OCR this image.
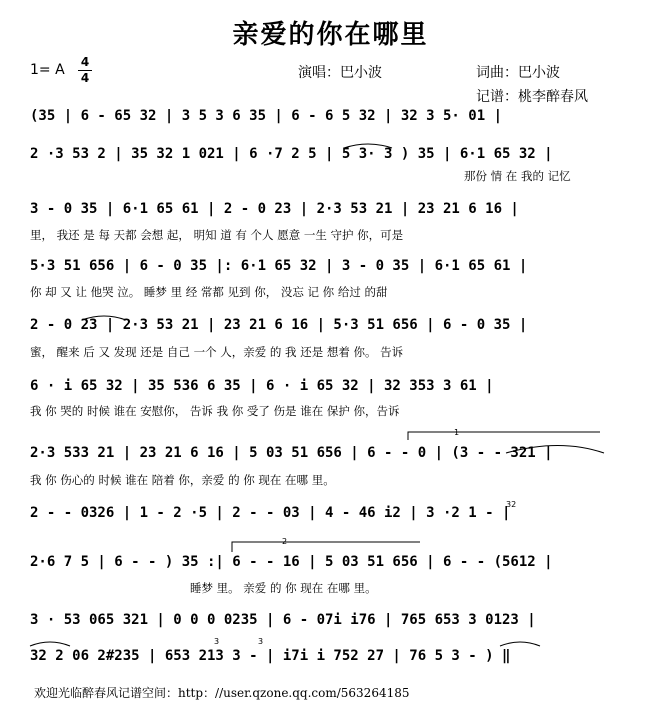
亲爱的你在哪里
1= A 4
4	演唱：巴小波	词曲：巴小波
记谱：桃李醉春风
(35 | 6 - 65 32 | 3 5 3 6 35 | 6 - 6 5 32 | 32 3 5· 01 |
2 ·3 53 2 | 35 32 1 021 | 6 ·7 2 5 | 5 3· 3 ) 35 | 6·1 65 32 |
那份 情 在 我的 记忆
3 - 0 35 | 6·1 65 61 | 2 - 0 23 | 2·3 53 21 | 23 21 6 16 |
里， 我还 是 每 天都 会想 起， 明知 道 有 个人 愿意 一生 守护 你，可是
5·3 51 656 | 6 - 0 35 |: 6·1 65 32 | 3 - 0 35 | 6·1 65 61 |
你 却 又 让 他哭 泣。 睡梦 里 经 常都 见到 你， 没忘 记 你 给过 的甜
2 - 0 23 | 2·3 53 21 | 23 21 6 16 | 5·3 51 656 | 6 - 0 35 |
蜜， 醒来 后 又 发现 还是 自己 一个 人，亲爱 的 我 还是 想着 你。 告诉
6 · i 65 32 | 35 536 6 35 | 6 · i 65 32 | 32 353 3 61 |
我 你 哭的 时候 谁在 安慰你， 告诉 我 你 受了 伤是 谁在 保护 你，告诉
2·3 533 21 | 23 21 6 16 | 5 03 51 656 | 6 - - 0 | (3 - - 321 |
我 你 伤心的 时候 谁在 陪着 你，亲爱 的 你 现在 在哪 里。
2 - - 0326 | 1 - 2 ·5 | 2 - - 03 | 4 - 46 i2 | 3 ·2 1 - |
2·6 7 5 | 6 - - ) 35 :| 6 - - 16 | 5 03 51 656 | 6 - - (5612 |
睡梦 里。 亲爱 的 你 现在 在哪 里。
3 · 53 065 321 | 0 0 0 0235 | 6 - 07i i76 | 765 653 3 0123 |
32 2 06 2#235 | 653 213 3 - | i7i i 752 27 | 76 5 3 - ) ‖
1
2
32
3	3
欢迎光临醉春风记谱空间：http：//user.qzone.qq.com/563264185
